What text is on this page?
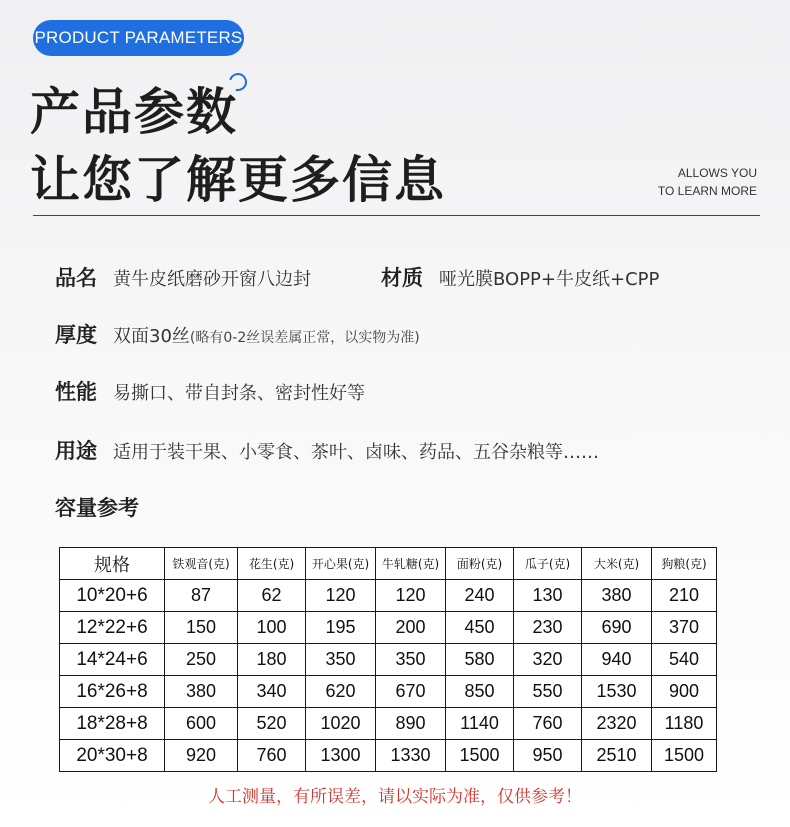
PRODUCT PARAMETERS
产品参数
让您了解更多信息	ALLOWS YOU
TO LEARN MORE
品名 黄牛皮纸磨砂开窗八边封	材质 哑光膜BOPP+牛皮纸+CPP
厚度 双面30丝(略有0-2丝误差属正常，以实物为准)
性能 易撕口、带自封条、密封性好等
用途 适用于装干果、小零食、茶叶、卤味、药品、五谷杂粮等……
容量参考
规格	铁观音(克)	花生(克)	开心果(克)	牛轧糖(克)	面粉(克)	瓜子(克)	大米(克)	狗粮(克)
10*20+6	87	62	120	120	240	130	380	210
12*22+6	150	100	195	200	450	230	690	370
14*24+6	250	180	350	350	580	320	940	540
16*26+8	380	340	620	670	850	550	1530	900
18*28+8	600	520	1020	890	1140	760	2320	1180
20*30+8	920	760	1300	1330	1500	950	2510	1500
人工测量，有所误差，请以实际为准，仅供参考！
